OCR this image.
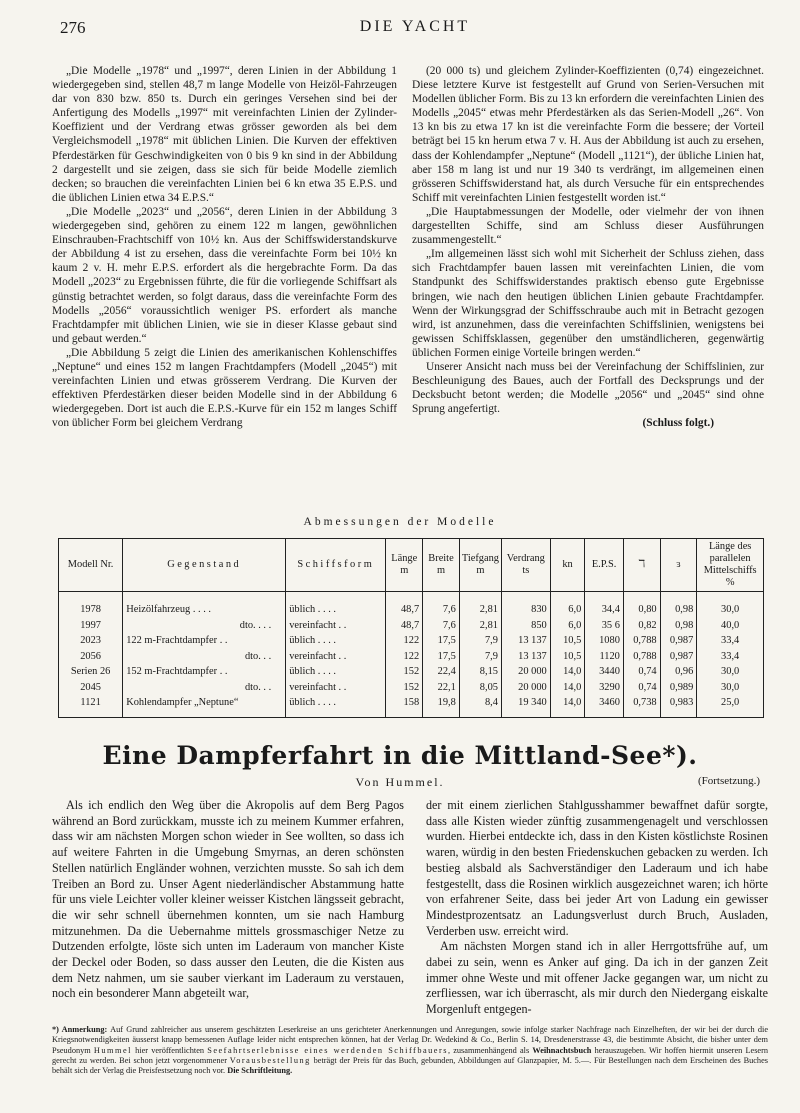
276	DIE YACHT

„Die Modelle „1978“ und „1997“, deren Linien in der Abbildung 1 wiedergegeben sind, stellen 48,7 m lange Modelle von Heizöl-Fahrzeugen dar von 830 bzw. 850 ts. Durch ein geringes Versehen sind bei der Anfertigung des Modells „1997“ mit vereinfachten Linien der Zylinder-Koeffizient und der Verdrang etwas grösser geworden als bei dem Vergleichsmodell „1978“ mit üblichen Linien. Die Kurven der effektiven Pferdestärken für Geschwindigkeiten von 0 bis 9 kn sind in der Abbildung 2 dargestellt und sie zeigen, dass sie sich für beide Modelle ziemlich decken; so brauchen die vereinfachten Linien bei 6 kn etwa 35 E.P.S. und die üblichen Linien etwa 34 E.P.S.“

„Die Modelle „2023“ und „2056“, deren Linien in der Abbildung 3 wiedergegeben sind, gehören zu einem 122 m langen, gewöhnlichen Einschrauben-Frachtschiff von 10½ kn. Aus der Schiffswiderstandskurve der Abbildung 4 ist zu ersehen, dass die vereinfachte Form bei 10½ kn kaum 2 v. H. mehr E.P.S. erfordert als die hergebrachte Form. Da das Modell „2023“ zu Ergebnissen führte, die für die vorliegende Schiffsart als günstig betrachtet werden, so folgt daraus, dass die vereinfachte Form des Modells „2056“ voraussichtlich weniger PS. erfordert als manche Frachtdampfer mit üblichen Linien, wie sie in dieser Klasse gebaut sind und gebaut werden.“

„Die Abbildung 5 zeigt die Linien des amerikanischen Kohlenschiffes „Neptune“ und eines 152 m langen Frachtdampfers (Modell „2045“) mit vereinfachten Linien und etwas grösserem Verdrang. Die Kurven der effektiven Pferdestärken dieser beiden Modelle sind in der Abbildung 6 wiedergegeben. Dort ist auch die E.P.S.-Kurve für ein 152 m langes Schiff von üblicher Form bei gleichem Verdrang

(20 000 ts) und gleichem Zylinder-Koeffizienten (0,74) eingezeichnet. Diese letztere Kurve ist festgestellt auf Grund von Serien-Versuchen mit Modellen üblicher Form. Bis zu 13 kn erfordern die vereinfachten Linien des Modells „2045“ etwas mehr Pferdestärken als das Serien-Modell „26“. Von 13 kn bis zu etwa 17 kn ist die vereinfachte Form die bessere; der Vorteil beträgt bei 15 kn herum etwa 7 v. H. Aus der Abbildung ist auch zu ersehen, dass der Kohlendampfer „Neptune“ (Modell „1121“), der übliche Linien hat, aber 158 m lang ist und nur 19 340 ts verdrängt, im allgemeinen einen grösseren Schiffswiderstand hat, als durch Versuche für ein entsprechendes Schiff mit vereinfachten Linien festgestellt worden ist.“

„Die Hauptabmessungen der Modelle, oder vielmehr der von ihnen dargestellten Schiffe, sind am Schluss dieser Ausführungen zusammengestellt.“

„Im allgemeinen lässt sich wohl mit Sicherheit der Schluss ziehen, dass sich Frachtdampfer bauen lassen mit vereinfachten Linien, die vom Standpunkt des Schiffswiderstandes praktisch ebenso gute Ergebnisse bringen, wie nach den heutigen üblichen Linien gebaute Frachtdampfer. Wenn der Wirkungsgrad der Schiffsschraube auch mit in Betracht gezogen wird, ist anzunehmen, dass die vereinfachten Schiffslinien, wenigstens bei gewissen Schiffsklassen, gegenüber den umständlicheren, gegenwärtig üblichen Formen einige Vorteile bringen werden.“

Unserer Ansicht nach muss bei der Vereinfachung der Schiffslinien, zur Beschleunigung des Baues, auch der Fortfall des Decksprungs und der Decksbucht betont werden; die Modelle „2056“ und „2045“ sind ohne Sprung angefertigt.

(Schluss folgt.)
Abmessungen der Modelle
Modell Nr.	Gegenstand	Schiffsform	Länge m	Breite m	Tiefgang m	Verdrang ts	kn	E.P.S.	ℸ	ɜ	Länge des parallelen Mittelschiffs %
1978	Heizölfahrzeug . . . .	üblich . . . .	48,7	7,6	2,81	830	6,0	34,4	0,80	0,98	30,0
1997	dto. . . .	vereinfacht . .	48,7	7,6	2,81	850	6,0	35 6	0,82	0,98	40,0
2023	122 m-Frachtdampfer . .	üblich . . . .	122	17,5	7,9	13 137	10,5	1080	0,788	0,987	33,4
2056	dto. . .	vereinfacht . .	122	17,5	7,9	13 137	10,5	1120	0,788	0,987	33,4
Serien 26	152 m-Frachtdampfer . .	üblich . . . .	152	22,4	8,15	20 000	14,0	3440	0,74	0,96	30,0
2045	dto. . .	vereinfacht . .	152	22,1	8,05	20 000	14,0	3290	0,74	0,989	30,0
1121	Kohlendampfer „Neptune“	üblich . . . .	158	19,8	8,4	19 340	14,0	3460	0,738	0,983	25,0
Eine Dampferfahrt in die Mittland-See*).
Von Hummel.	(Fortsetzung.)

Als ich endlich den Weg über die Akropolis auf dem Berg Pagos während an Bord zurückkam, musste ich zu meinem Kummer erfahren, dass wir am nächsten Morgen schon wieder in See wollten, so dass ich auf weitere Fahrten in die Umgebung Smyrnas, an deren schönsten Stellen natürlich Engländer wohnen, verzichten musste. So sah ich dem Treiben an Bord zu. Unser Agent niederländischer Abstammung hatte für uns viele Leichter voller kleiner weisser Kistchen längsseit gebracht, die wir sehr schnell übernehmen konnten, um sie nach Hamburg mitzunehmen. Da die Uebernahme mittels grossmaschiger Netze zu Dutzenden erfolgte, löste sich unten im Laderaum von mancher Kiste der Deckel oder Boden, so dass ausser den Leuten, die die Kisten aus dem Netz nahmen, um sie sauber vierkant im Laderaum zu verstauen, noch ein besonderer Mann abgeteilt war,

der mit einem zierlichen Stahlgusshammer bewaffnet dafür sorgte, dass alle Kisten wieder zünftig zusammengenagelt und verschlossen wurden. Hierbei entdeckte ich, dass in den Kisten köstlichste Rosinen waren, würdig in den besten Friedenskuchen gebacken zu werden. Ich bestieg alsbald als Sachverständiger den Laderaum und ich habe festgestellt, dass die Rosinen wirklich ausgezeichnet waren; ich hörte von erfahrener Seite, dass bei jeder Art von Ladung ein gewisser Mindestprozentsatz an Ladungsverlust durch Bruch, Ausladen, Verderben usw. erreicht wird.

Am nächsten Morgen stand ich in aller Herrgottsfrühe auf, um dabei zu sein, wenn es Anker auf ging. Da ich in der ganzen Zeit immer ohne Weste und mit offener Jacke gegangen war, um nicht zu zerfliessen, war ich überrascht, als mir durch den Niedergang eiskalte Morgenluft entgegen-

*) Anmerkung: Auf Grund zahlreicher aus unserem geschätzten Leserkreise an uns gerichteter Anerkennungen und Anregungen, sowie infolge starker Nachfrage nach Einzelheften, der wir bei der durch die Kriegsnotwendigkeiten äusserst knapp bemessenen Auflage leider nicht entsprechen können, hat der Verlag Dr. Wedekind & Co., Berlin S. 14, Dresdenerstrasse 43, die bestimmte Absicht, die bisher unter dem Pseudonym Hummel hier veröffentlichten Seefahrtserlebnisse eines werdenden Schiffbauers, zusammenhängend als Weihnachtsbuch herauszugeben. Wir hoffen hiermit unseren Lesern gerecht zu werden. Bei schon jetzt vorgenommener Vorausbestellung beträgt der Preis für das Buch, gebunden, Abbildungen auf Glanzpapier, M. 5.—. Für Bestellungen nach dem Erscheinen des Buches behält sich der Verlag die Preisfestsetzung noch vor. Die Schriftleitung.
